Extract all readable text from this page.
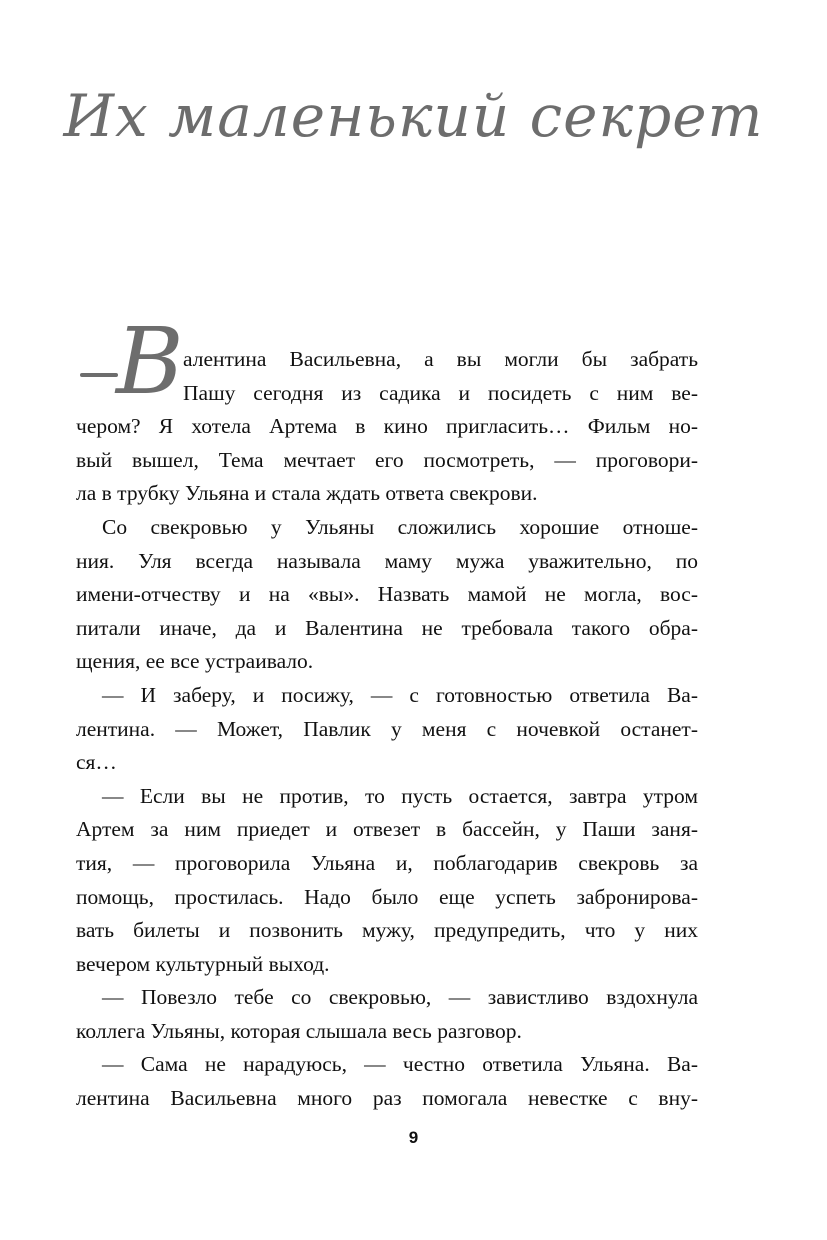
Их маленький секрет
В алентина Васильевна, а вы могли бы забрать
Пашу сегодня из садика и посидеть с ним ве-
чером? Я хотела Артема в кино пригласить… Фильм но-
вый вышел, Тема мечтает его посмотреть, — проговори-
ла в трубку Ульяна и стала ждать ответа свекрови.
Со свекровью у Ульяны сложились хорошие отноше-
ния. Уля всегда называла маму мужа уважительно, по
имени-отчеству и на «вы». Назвать мамой не могла, вос-
питали иначе, да и Валентина не требовала такого обра-
щения, ее все устраивало.
— И заберу, и посижу, — с готовностью ответила Ва-
лентина. — Может, Павлик у меня с ночевкой останет-
ся…
— Если вы не против, то пусть остается, завтра утром
Артем за ним приедет и отвезет в бассейн, у Паши заня-
тия, — проговорила Ульяна и, поблагодарив свекровь за
помощь, простилась. Надо было еще успеть забронирова-
вать билеты и позвонить мужу, предупредить, что у них
вечером культурный выход.
— Повезло тебе со свекровью, — завистливо вздохнула
коллега Ульяны, которая слышала весь разговор.
— Сама не нарадуюсь, — честно ответила Ульяна. Ва-
лентина Васильевна много раз помогала невестке с вну-
9
